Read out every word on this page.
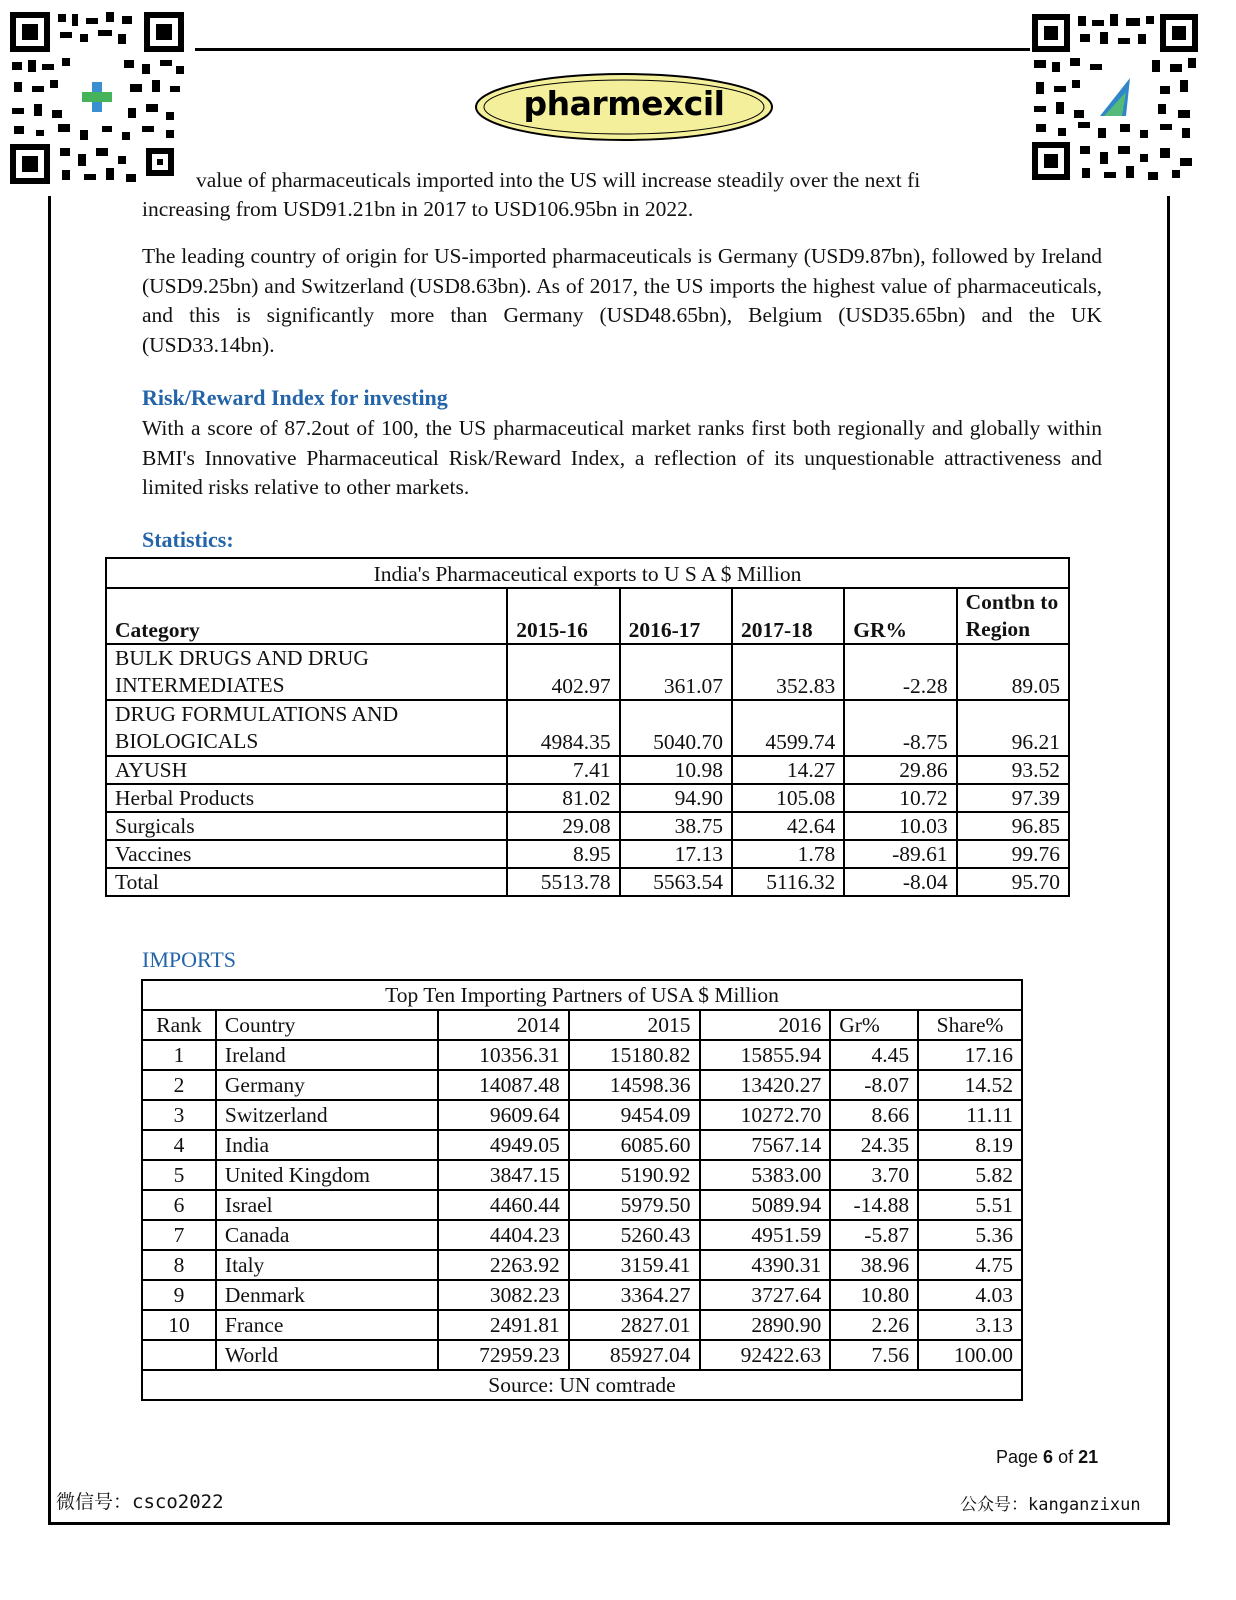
pharmexcil
value of pharmaceuticals imported into the US will increase steadily over the next fi
increasing from USD91.21bn in 2017 to USD106.95bn in 2022.
The leading country of origin for US-imported pharmaceuticals is Germany (USD9.87bn), followed by Ireland (USD9.25bn) and Switzerland (USD8.63bn). As of 2017, the US imports the highest value of pharmaceuticals, and this is significantly more than Germany (USD48.65bn), Belgium (USD35.65bn) and the UK (USD33.14bn).
Risk/Reward Index for investing
With a score of 87.2out of 100, the US pharmaceutical market ranks first both regionally and globally within BMI's Innovative Pharmaceutical Risk/Reward Index, a reflection of its unquestionable attractiveness and limited risks relative to other markets.
Statistics:
India's Pharmaceutical exports to U S A $ Million					
Category	2015-16	2016-17	2017-18	GR%	Contbn to Region
BULK DRUGS AND DRUG INTERMEDIATES	402.97	361.07	352.83	-2.28	89.05
DRUG FORMULATIONS AND BIOLOGICALS	4984.35	5040.70	4599.74	-8.75	96.21
AYUSH	7.41	10.98	14.27	29.86	93.52
Herbal Products	81.02	94.90	105.08	10.72	97.39
Surgicals	29.08	38.75	42.64	10.03	96.85
Vaccines	8.95	17.13	1.78	-89.61	99.76
Total	5513.78	5563.54	5116.32	-8.04	95.70
IMPORTS
Top Ten Importing Partners of USA $ Million						
Rank	Country	2014	2015	2016	Gr%	Share%
1	Ireland	10356.31	15180.82	15855.94	4.45	17.16
2	Germany	14087.48	14598.36	13420.27	-8.07	14.52
3	Switzerland	9609.64	9454.09	10272.70	8.66	11.11
4	India	4949.05	6085.60	7567.14	24.35	8.19
5	United Kingdom	3847.15	5190.92	5383.00	3.70	5.82
6	Israel	4460.44	5979.50	5089.94	-14.88	5.51
7	Canada	4404.23	5260.43	4951.59	-5.87	5.36
8	Italy	2263.92	3159.41	4390.31	38.96	4.75
9	Denmark	3082.23	3364.27	3727.64	10.80	4.03
10	France	2491.81	2827.01	2890.90	2.26	3.13
	World	72959.23	85927.04	92422.63	7.56	100.00
Source: UN comtrade						
Page 6 of 21
微信号：csco2022	公众号：kanganzixun
